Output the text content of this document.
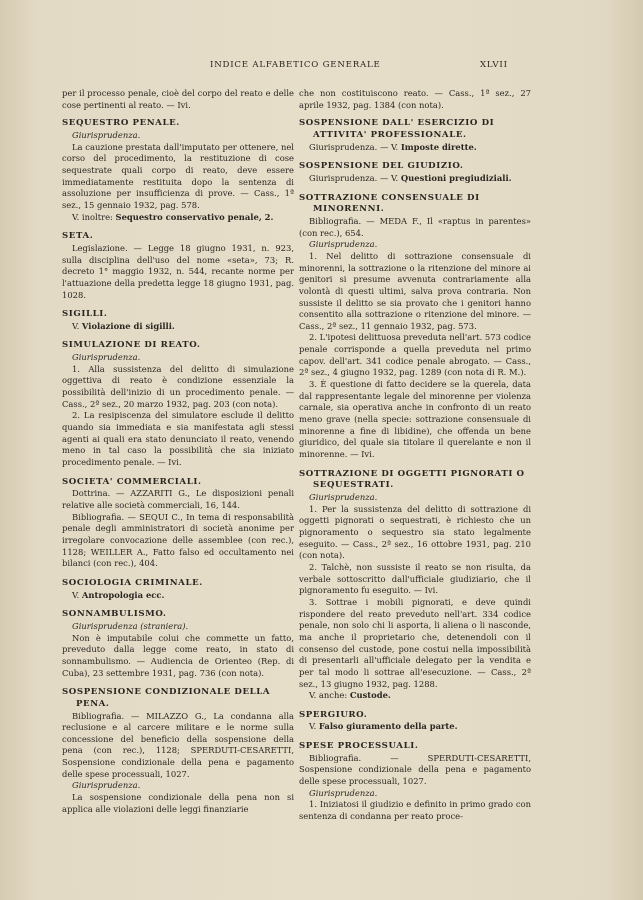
INDICE ALFABETICO GENERALE	XLVII

per il processo penale, cioè del corpo del reato e delle cose pertinenti al reato. — Ivi.

SEQUESTRO PENALE.

Giurisprudenza.

La cauzione prestata dall'imputato per ottenere, nel corso del procedimento, la restituzione di cose sequestrate quali corpo di reato, deve essere immediatamente restituita dopo la sentenza di assoluzione per insufficienza di prove. — Cass., 1ª sez., 15 gennaio 1932, pag. 578.

V. inoltre: Sequestro conservativo penale, 2.

SETA.

Legislazione. — Legge 18 giugno 1931, n. 923, sulla disciplina dell'uso del nome «seta», 73; R. decreto 1° maggio 1932, n. 544, recante norme per l'attuazione della predetta legge 18 giugno 1931, pag. 1028.

SIGILLI.

V. Violazione di sigilli.

SIMULAZIONE DI REATO.

Giurisprudenza.

1. Alla sussistenza del delitto di simulazione oggettiva di reato è condizione essenziale la possibilità dell'inizio di un procedimento penale. — Cass., 2ª sez., 20 marzo 1932, pag. 203 (con nota).

2. La resipiscenza del simulatore esclude il delitto quando sia immediata e sia manifestata agli stessi agenti ai quali era stato denunciato il reato, venendo meno in tal caso la possibilità che sia iniziato procedimento penale. — Ivi.

SOCIETA' COMMERCIALI.

Dottrina. — AZZARITI G., Le disposizioni penali relative alle società commerciali, 16, 144.

Bibliografia. — SEQUI C., In tema di responsabilità penale degli amministratori di società anonime per irregolare convocazione delle assemblee (con rec.), 1128; WEILLER A., Fatto falso ed occultamento nei bilanci (con rec.), 404.

SOCIOLOGIA CRIMINALE.

V. Antropologia ecc.

SONNAMBULISMO.

Giurisprudenza (straniera).

Non è imputabile colui che commette un fatto, preveduto dalla legge come reato, in stato di sonnambulismo. — Audiencia de Orienteo (Rep. di Cuba), 23 settembre 1931, pag. 736 (con nota).

SOSPENSIONE CONDIZIONALE DELLA PENA.

Bibliografia. — MILAZZO G., La condanna alla reclusione e al carcere militare e le norme sulla concessione del beneficio della sospensione della pena (con rec.), 1128; SPERDUTI-CESARETTI, Sospensione condizionale della pena e pagamento delle spese processuali, 1027.

Giurisprudenza.

La sospensione condizionale della pena non si applica alle violazioni delle leggi finanziarie

che non costituiscono reato. — Cass., 1ª sez., 27 aprile 1932, pag. 1384 (con nota).

SOSPENSIONE DALL' ESERCIZIO DI ATTIVITA' PROFESSIONALE.

Giurisprudenza. — V. Imposte dirette.

SOSPENSIONE DEL GIUDIZIO.

Giurisprudenza. — V. Questioni pregiudiziali.

SOTTRAZIONE CONSENSUALE DI MINORENNI.

Bibliografia. — MEDA F., Il «raptus in parentes» (con rec.), 654.

Giurisprudenza.

1. Nel delitto di sottrazione consensuale di minorenni, la sottrazione o la ritenzione del minore ai genitori si presume avvenuta contrariamente alla volontà di questi ultimi, salva prova contraria. Non sussiste il delitto se sia provato che i genitori hanno consentito alla sottrazione o ritenzione del minore. — Cass., 2ª sez., 11 gennaio 1932, pag. 573.

2. L'ipotesi delittuosa preveduta nell'art. 573 codice penale corrisponde a quella preveduta nel primo capov. dell'art. 341 codice penale abrogato. — Cass., 2ª sez., 4 giugno 1932, pag. 1289 (con nota di R. M.).

3. È questione di fatto decidere se la querela, data dal rappresentante legale del minorenne per violenza carnale, sia operativa anche in confronto di un reato meno grave (nella specie: sottrazione consensuale di minorenne a fine di libidine), che offenda un bene giuridico, del quale sia titolare il querelante e non il minorenne. — Ivi.

SOTTRAZIONE DI OGGETTI PIGNORATI O SEQUESTRATI.

Giurisprudenza.

1. Per la sussistenza del delitto di sottrazione di oggetti pignorati o sequestrati, è richiesto che un pignoramento o sequestro sia stato legalmente eseguito. — Cass., 2ª sez., 16 ottobre 1931, pag. 210 (con nota).

2. Talchè, non sussiste il reato se non risulta, da verbale sottoscritto dall'ufficiale giudiziario, che il pignoramento fu eseguito. — Ivi.

3. Sottrae i mobili pignorati, e deve quindi rispondere del reato preveduto nell'art. 334 codice penale, non solo chi li asporta, li aliena o li nasconde, ma anche il proprietario che, detenendoli con il consenso del custode, pone costui nella impossibilità di presentarli all'ufficiale delegato per la vendita e per tal modo li sottrae all'esecuzione. — Cass., 2ª sez., 13 giugno 1932, pag. 1288.

V. anche: Custode.

SPERGIURO.

V. Falso giuramento della parte.

SPESE PROCESSUALI.

Bibliografia. — SPERDUTI-CESARETTI, Sospensione condizionale della pena e pagamento delle spese processuali, 1027.

Giurisprudenza.

1. Iniziatosi il giudizio e definito in primo grado con sentenza di condanna per reato proce-
